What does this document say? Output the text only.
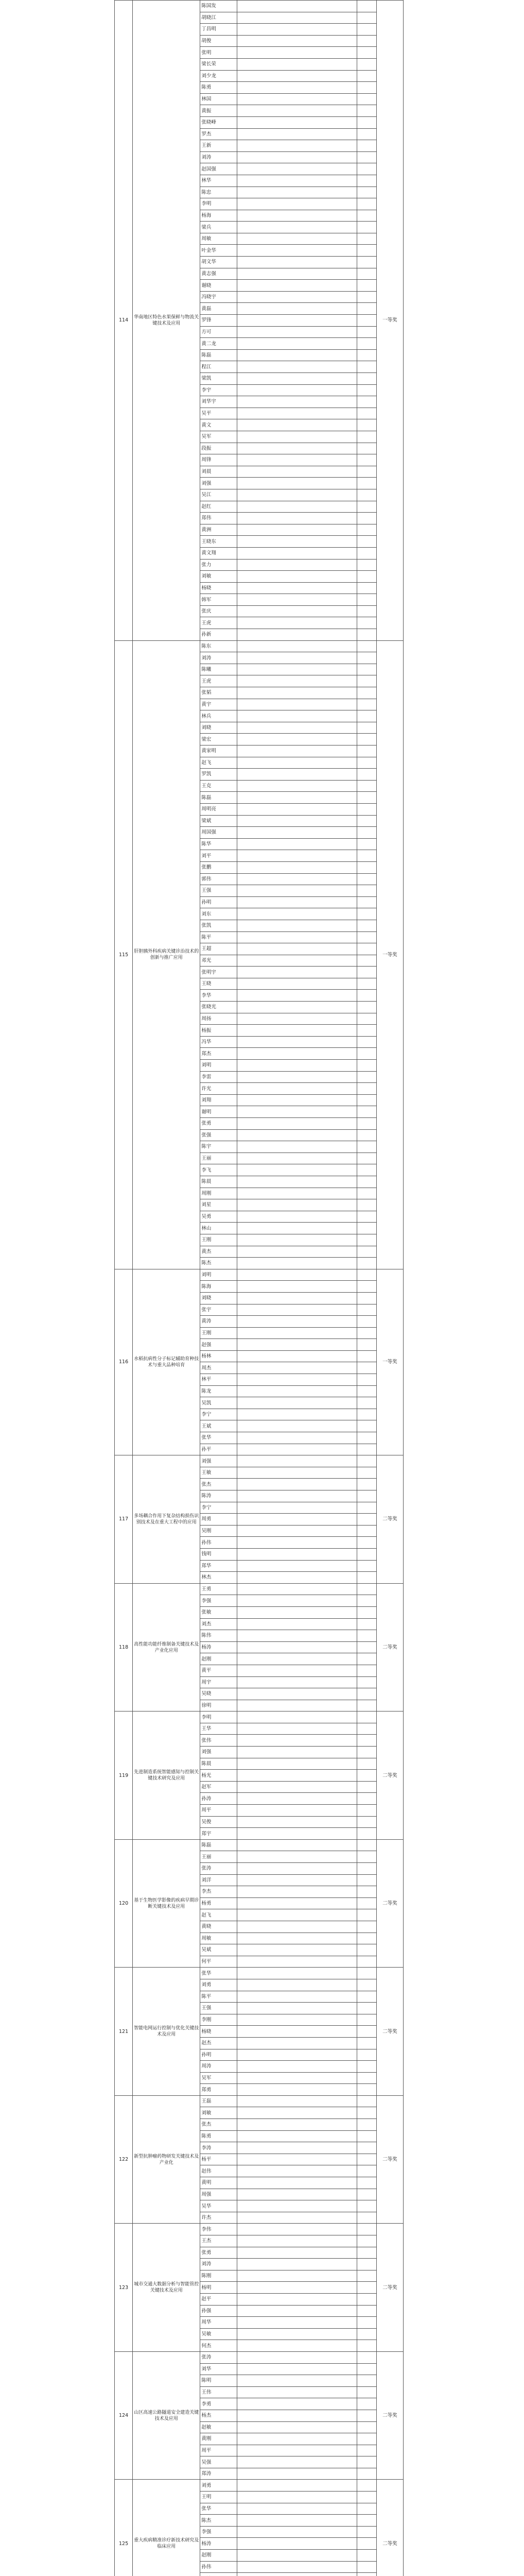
114	华南地区特色水果保鲜与物流关键技术及应用	陈国发			一等奖
		胡晓江			
		丁昌明			
		胡俊			
		张明			
		梁长荣			
		刘少龙			
		陈勇			
		林国			
		黄振			
		张晓峰			
		罗杰			
		王新			
		刘涛			
		赵国强			
		林华			
		陈忠			
		李明			
		杨海			
		梁兵			
		周敏			
		叶金华			
		胡文华			
		黄志强			
		谢晓			
		冯晓宇			
		黄磊			
		罗锋			
		方可			
		黄二龙			
		陈磊			
		程江			
		梁凯			
		李宇			
		刘华宇			
		吴平			
		黄文			
		吴军			
		段振			
		周锋			
		刘晨			
		刘强			
		吴江			
		赵红			
		郑伟			
		黄洲			
		王晓东			
		黄文翔			
		张力			
		刘敏			
		杨晓			
		韩军			
		张庆			
		王虎			
		孙新			
115	肝胆胰外科疾病关键诊治技术的创新与推广应用	陈东			一等奖
		刘涛			
		陈曦			
		王虎			
		张韬			
		黄宇			
		林兵			
		刘晓			
		梁宏			
		黄家明			
		赵飞			
		罗凯			
		王克			
		陈磊			
		周明亮			
		梁斌			
		周国强			
		陈华			
		刘平			
		张鹏			
		郭伟			
		王强			
		孙明			
		刘东			
		张凯			
		陈平			
		王超			
		邓光			
		张明宇			
		王晓			
		李华			
		张晓光			
		周扬			
		杨振			
		冯华			
		郑杰			
		刘明			
		李雷			
		许光			
		刘翔			
		谢明			
		张勇			
		张强			
		陈宇			
		王丽			
		李飞			
		陈晨			
		周刚			
		刘星			
		吴勇			
		林山			
		王刚			
		黄杰			
		陈杰			
116	水稻抗病性分子标记辅助育种技术与重大品种培育	刘明			一等奖
		陈海			
		刘晓			
		张宇			
		黄涛			
		王刚			
		赵强			
		杨林			
		周杰			
		林平			
		陈龙			
		吴凯			
		李宁			
		王斌			
		张华			
		孙平			
117	多场耦合作用下复杂结构损伤识别技术及在重大工程中的应用	刘强			二等奖
		王敏			
		张杰			
		陈涛			
		李宁			
		周勇			
		吴刚			
		孙伟			
		钱明			
		郑华			
		林杰			
118	高性能功能纤维制备关键技术及产业化应用	王勇			二等奖
		李强			
		张敏			
		刘杰			
		陈伟			
		杨涛			
		赵刚			
		黄平			
		周宇			
		吴晓			
		徐明			
119	先进制造系统智能感知与控制关键技术研究及应用	李明			二等奖
		王华			
		张伟			
		刘强			
		陈晨			
		杨光			
		赵军			
		孙涛			
		周平			
		吴俊			
		郑宇			
120	基于生物医学影像的疾病早期诊断关键技术及应用	陈磊			二等奖
		王丽			
		张涛			
		刘洋			
		李杰			
		杨勇			
		赵飞			
		黄晓			
		周敏			
		吴斌			
		何平			
121	智能电网运行控制与优化关键技术及应用	张华			二等奖
		刘勇			
		陈平			
		王强			
		李刚			
		杨晓			
		赵杰			
		孙明			
		周涛			
		吴军			
		郑勇			
122	新型抗肿瘤药物研发关键技术及产业化	王磊			二等奖
		刘敏			
		张杰			
		陈勇			
		李涛			
		杨平			
		赵伟			
		黄明			
		周强			
		吴华			
		许杰			
123	城市交通大数据分析与智能管控关键技术及应用	李伟			二等奖
		王杰			
		张勇			
		刘涛			
		陈刚			
		杨明			
		赵平			
		孙强			
		周华			
		吴敏			
		何杰			
124	山区高速公路隧道安全建造关键技术及应用	张涛			二等奖
		刘华			
		陈明			
		王伟			
		李勇			
		杨杰			
		赵敏			
		黄刚			
		周平			
		吴强			
		郑涛			
125	重大疾病精准诊疗新技术研究及临床应用	刘勇			二等奖
		王明			
		张华			
		陈杰			
		李强			
		杨涛			
		赵刚			
		孙伟			
